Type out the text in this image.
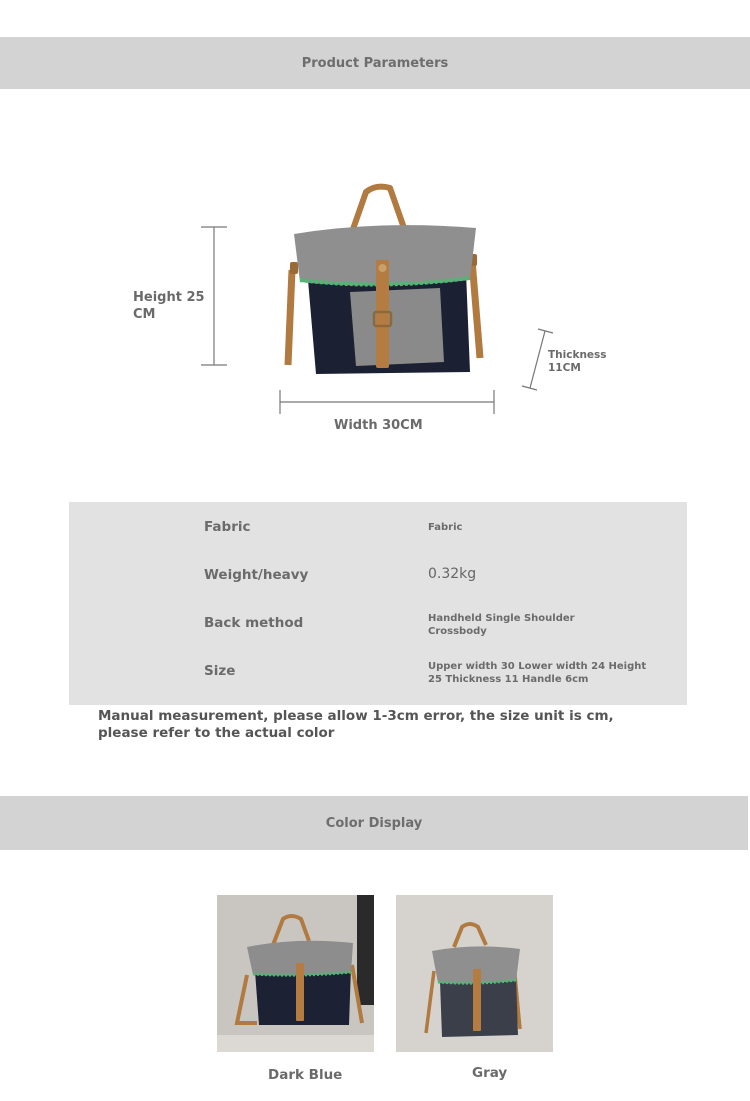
Product Parameters
Height 25 CM
Width 30CM
Thickness 11CM
Fabric	Fabric
Weight/heavy	0.32kg
Back method	Handheld Single Shoulder Crossbody
Size	Upper width 30 Lower width 24 Height 25 Thickness 11 Handle 6cm
Manual measurement, please allow 1-3cm error, the size unit is cm, please refer to the actual color
Color Display
Dark Blue	Gray
